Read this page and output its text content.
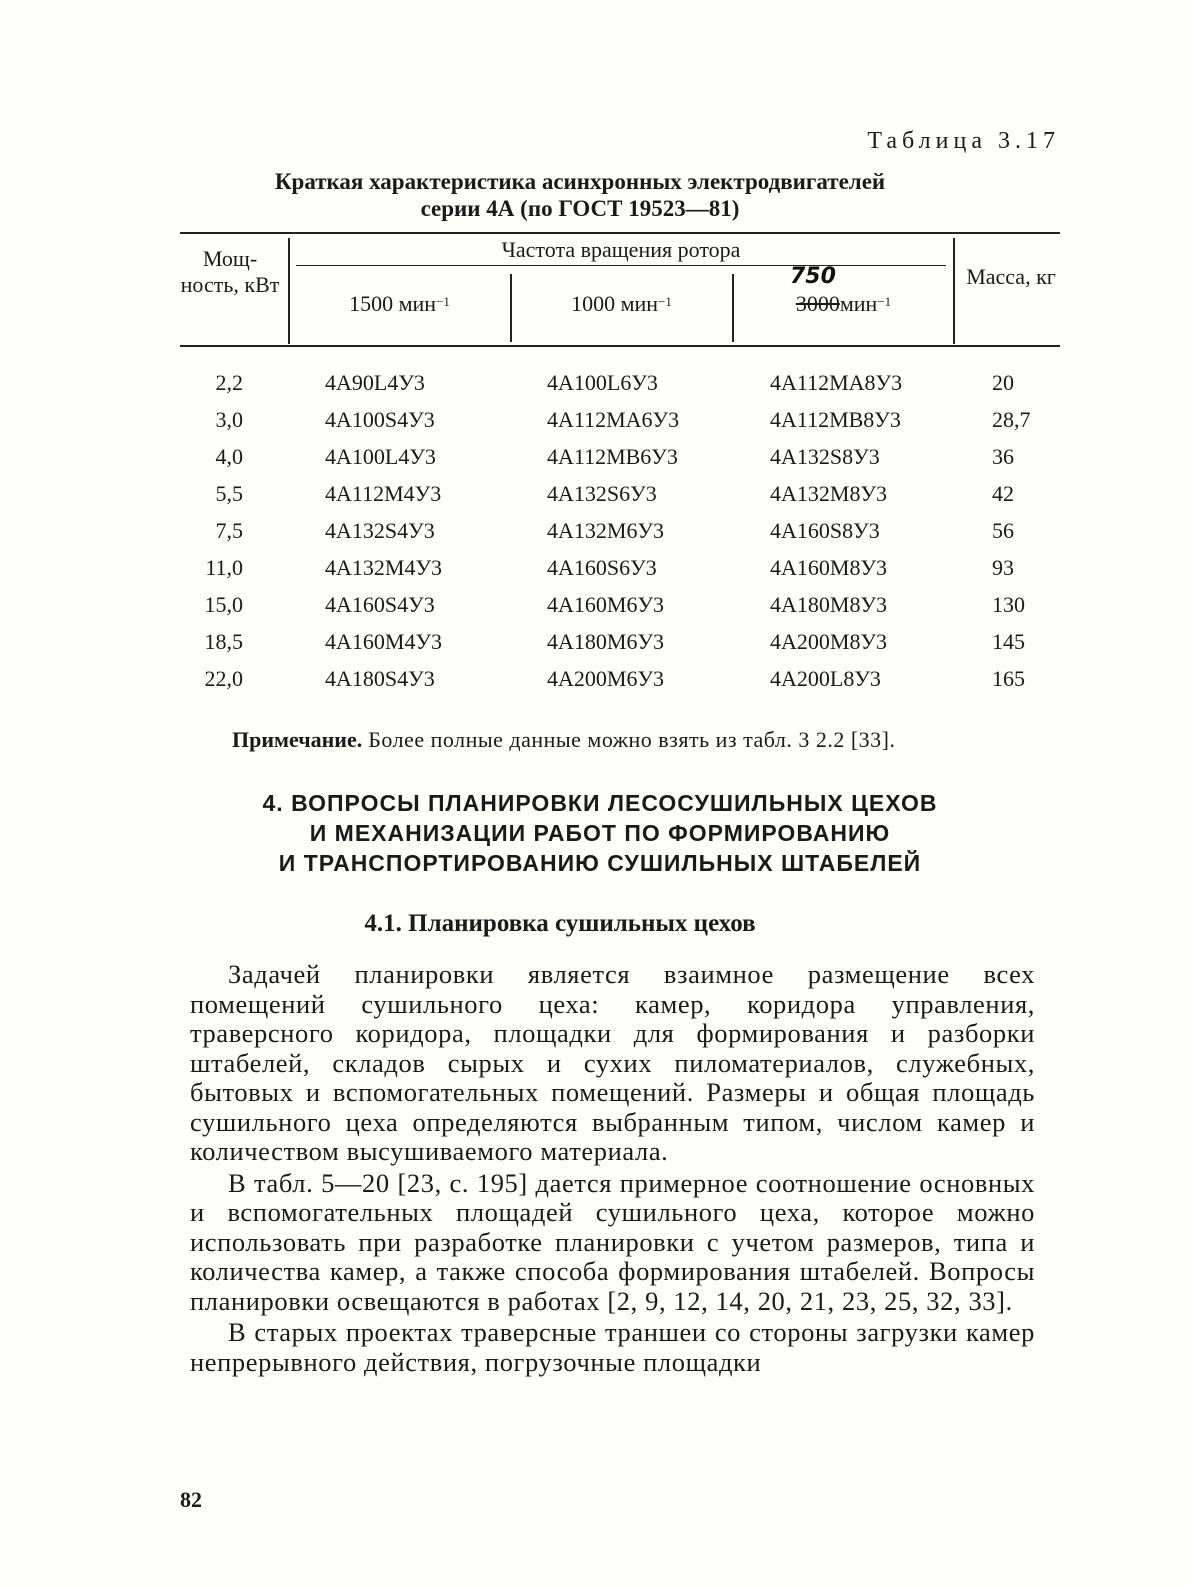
Таблица 3.17
Краткая характеристика асинхронных электродвигателей
серии 4А (по ГОСТ 19523—81)
Мощ-ность, кВт
Частота вращения ротора
1500 мин$^{-1}$	1000 мин$^{-1}$
750
3000мин$^{-1}$
Масса, кг
2,2	4А90L4У3	4А100L6У3	4А112МА8У3	20
3,0	4А100S4У3	4А112МА6У3	4А112МВ8У3	28,7
4,0	4А100L4У3	4А112МВ6У3	4А132S8У3	36
5,5	4А112М4У3	4А132S6У3	4А132М8У3	42
7,5	4А132S4У3	4А132М6У3	4А160S8У3	56
11,0	4А132М4У3	4А160S6У3	4А160М8У3	93
15,0	4А160S4У3	4А160М6У3	4А180М8У3	130
18,5	4А160М4У3	4А180М6У3	4А200М8У3	145
22,0	4А180S4У3	4А200М6У3	4А200L8У3	165
Примечание. Более полные данные можно взять из табл. 3 2.2 [33].
4. ВОПРОСЫ ПЛАНИРОВКИ ЛЕСОСУШИЛЬНЫХ ЦЕХОВ
И МЕХАНИЗАЦИИ РАБОТ ПО ФОРМИРОВАНИЮ
И ТРАНСПОРТИРОВАНИЮ СУШИЛЬНЫХ ШТАБЕЛЕЙ
4.1. Планировка сушильных цехов

Задачей планировки является взаимное размещение всех помещений сушильного цеха: камер, коридора управления, траверсного коридора, площадки для формирования и разборки штабелей, складов сырых и сухих пиломатериалов, служебных, бытовых и вспомогательных помещений. Размеры и общая площадь сушильного цеха определяются выбранным типом, числом камер и количеством высушиваемого материала.

В табл. 5—20 [23, с. 195] дается примерное соотношение основных и вспомогательных площадей сушильного цеха, которое можно использовать при разработке планировки с учетом размеров, типа и количества камер, а также способа формирования штабелей. Вопросы планировки освещаются в работах [2, 9, 12, 14, 20, 21, 23, 25, 32, 33].

В старых проектах траверсные траншеи со стороны загрузки камер непрерывного действия, погрузочные площадки

82
